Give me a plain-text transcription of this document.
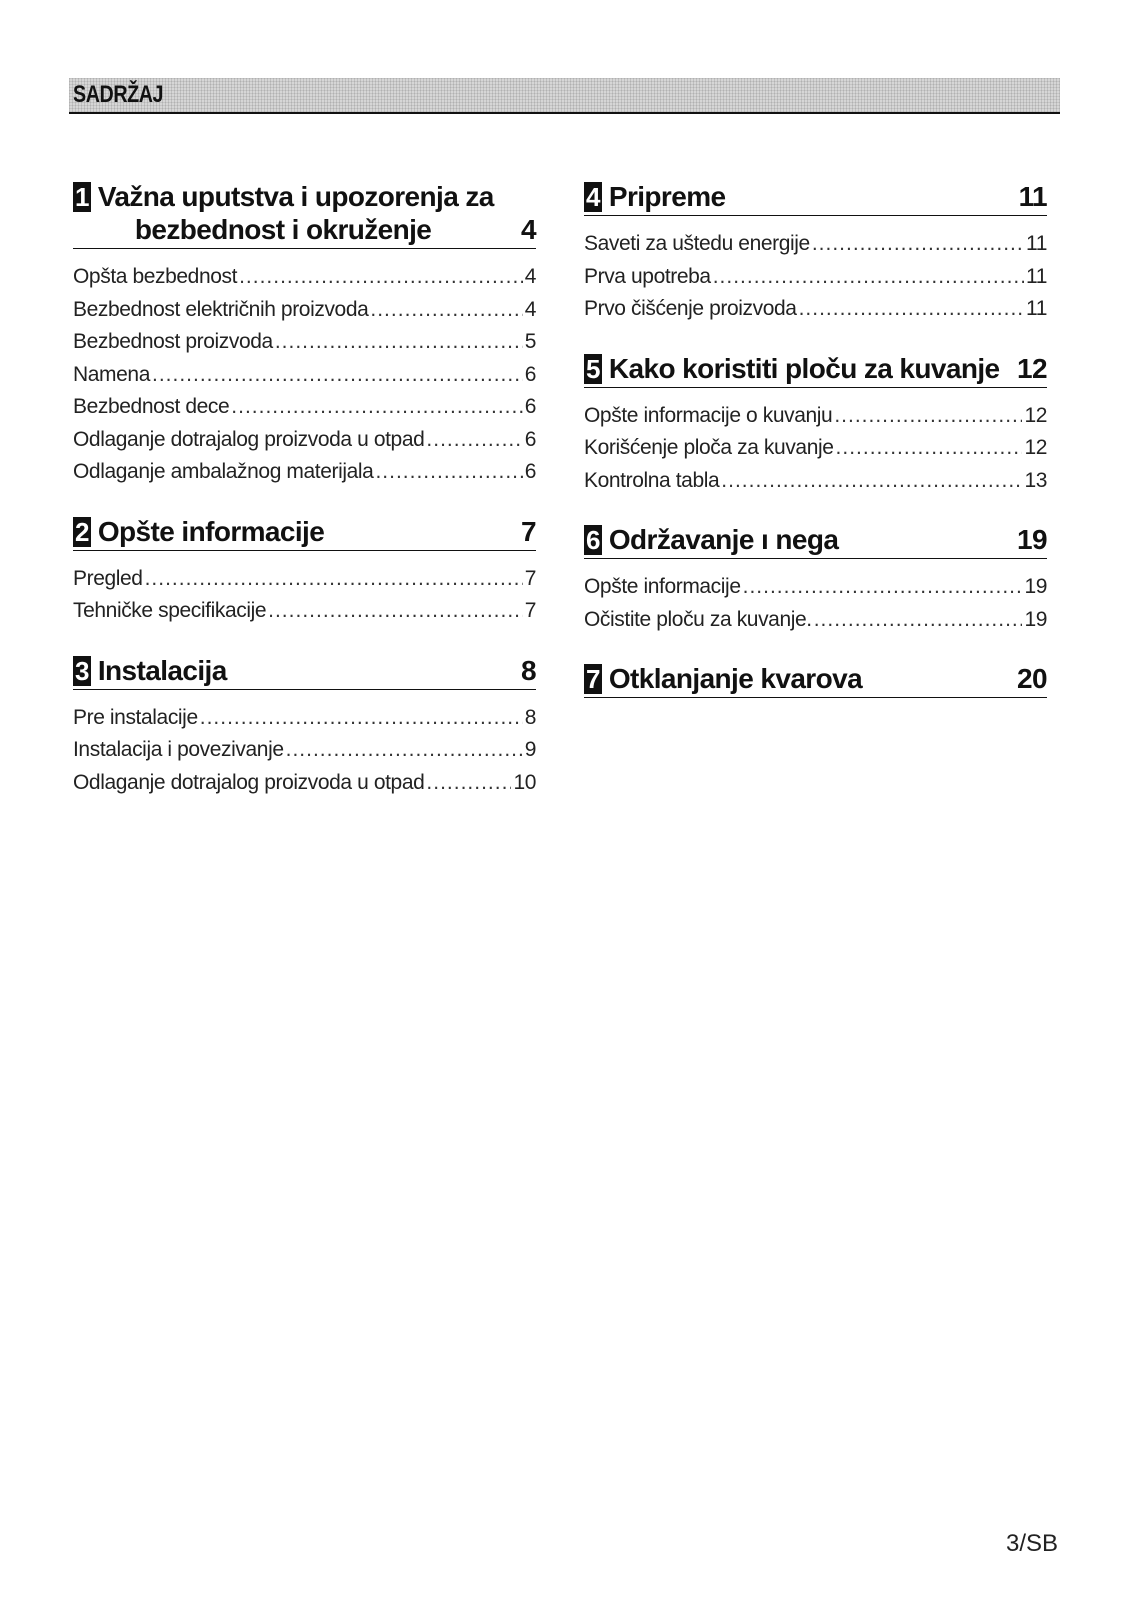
SADRŽAJ
1 Važna uputstva i upozorenja za
bezbednost i okruženje	4
Opšta bezbednost .....	4
Bezbednost električnih proizvoda .....	4
Bezbednost proizvoda .....	5
Namena .....	6
Bezbednost dece .....	6
Odlaganje dotrajalog proizvoda u otpad .....	6
Odlaganje ambalažnog materijala .....	6
2 Opšte informacije	7
Pregled .....	7
Tehničke specifikacije .....	7
3 Instalacija	8
Pre instalacije .....	8
Instalacija i povezivanje .....	9
Odlaganje dotrajalog proizvoda u otpad .....	10
4 Pripreme	11
Saveti za uštedu energije .....	11
Prva upotreba .....	11
Prvo čišćenje proizvoda .....	11
5 Kako koristiti ploču za kuvanje 12
Opšte informacije o kuvanju .....	12
Korišćenje ploča za kuvanje .....	12
Kontrolna tabla .....	13
6 Održavanje ı nega	19
Opšte informacije .....	19
Očistite ploču za kuvanje. .....	19
7 Otklanjanje kvarova	20
3/SB
